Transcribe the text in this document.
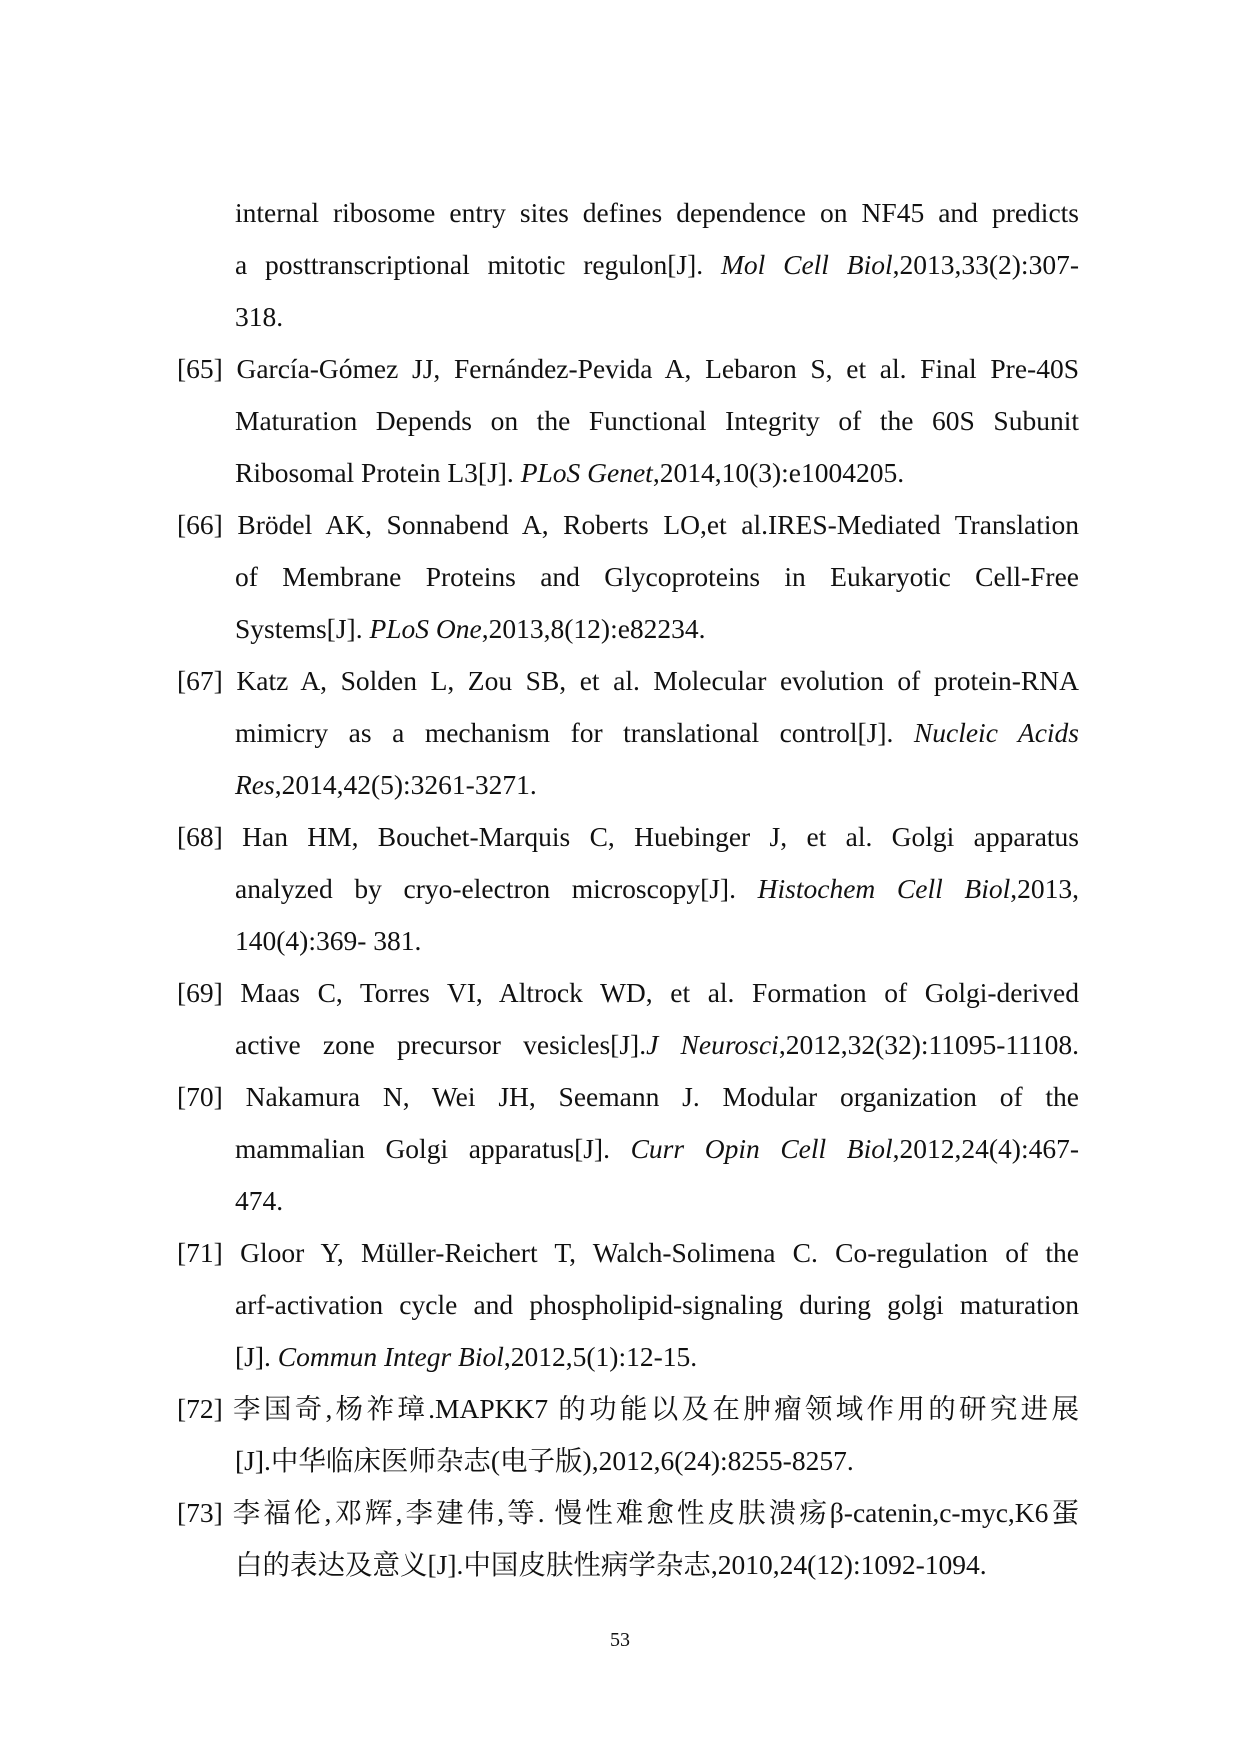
internal ribosome entry sites defines dependence on NF45 and predicts
a posttranscriptional mitotic regulon[J]. Mol Cell Biol,2013,33(2):307-
318.
[65] García-Gómez JJ, Fernández-Pevida A, Lebaron S, et al. Final Pre-40S
Maturation Depends on the Functional Integrity of the 60S Subunit
Ribosomal Protein L3[J]. PLoS Genet,2014,10(3):e1004205.
[66] Brödel AK, Sonnabend A, Roberts LO,et al.IRES-Mediated Translation
of Membrane Proteins and Glycoproteins in Eukaryotic Cell-Free
Systems[J]. PLoS One,2013,8(12):e82234.
[67] Katz A, Solden L, Zou SB, et al. Molecular evolution of protein-RNA
mimicry as a mechanism for translational control[J]. Nucleic Acids
Res,2014,42(5):3261-3271.
[68] Han HM, Bouchet-Marquis C, Huebinger J, et al. Golgi apparatus
analyzed by cryo-electron microscopy[J]. Histochem Cell Biol,2013,
140(4):369- 381.
[69] Maas C, Torres VI, Altrock WD, et al. Formation of Golgi-derived
active zone precursor vesicles[J].J Neurosci,2012,32(32):11095-11108.
[70] Nakamura N, Wei JH, Seemann J. Modular organization of the
mammalian Golgi apparatus[J]. Curr Opin Cell Biol,2012,24(4):467-
474.
[71] Gloor Y, Müller-Reichert T, Walch-Solimena C. Co-regulation of the
arf-activation cycle and phospholipid-signaling during golgi maturation
[J]. Commun Integr Biol,2012,5(1):12-15.
[72] 李国奇,杨祚璋.MAPKK7 的功能以及在肿瘤领域作用的研究进展
[J].中华临床医师杂志(电子版),2012,6(24):8255-8257.
[73] 李福伦,邓辉,李建伟,等. 慢性难愈性皮肤溃疡β-catenin,c-myc,K6蛋
白的表达及意义[J].中国皮肤性病学杂志,2010,24(12):1092-1094.
53
